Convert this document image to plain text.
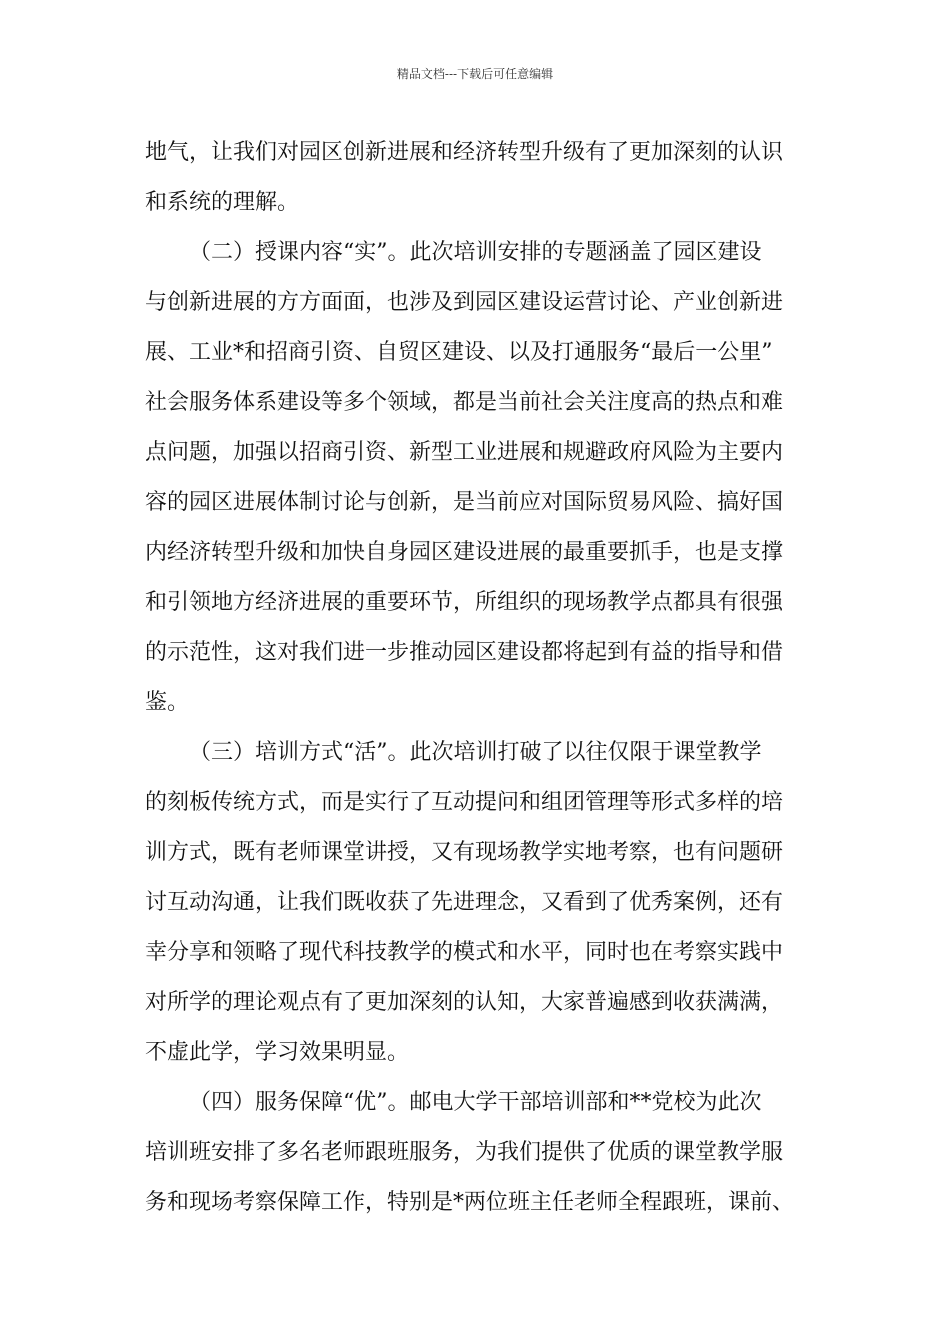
精品文档---下载后可任意编辑
地气，让我们对园区创新进展和经济转型升级有了更加深刻的认识
和系统的理解。
（二）授课内容“实”。此次培训安排的专题涵盖了园区建设
与创新进展的方方面面，也涉及到园区建设运营讨论、产业创新进
展、工业*和招商引资、自贸区建设、以及打通服务“最后一公里”
社会服务体系建设等多个领域，都是当前社会关注度高的热点和难
点问题，加强以招商引资、新型工业进展和规避政府风险为主要内
容的园区进展体制讨论与创新，是当前应对国际贸易风险、搞好国
内经济转型升级和加快自身园区建设进展的最重要抓手，也是支撑
和引领地方经济进展的重要环节，所组织的现场教学点都具有很强
的示范性，这对我们进一步推动园区建设都将起到有益的指导和借
鉴。
（三）培训方式“活”。此次培训打破了以往仅限于课堂教学
的刻板传统方式，而是实行了互动提问和组团管理等形式多样的培
训方式，既有老师课堂讲授，又有现场教学实地考察，也有问题研
讨互动沟通，让我们既收获了先进理念，又看到了优秀案例，还有
幸分享和领略了现代科技教学的模式和水平，同时也在考察实践中
对所学的理论观点有了更加深刻的认知，大家普遍感到收获满满，
不虚此学，学习效果明显。
（四）服务保障“优”。邮电大学干部培训部和**党校为此次
培训班安排了多名老师跟班服务，为我们提供了优质的课堂教学服
务和现场考察保障工作，特别是*两位班主任老师全程跟班，课前、
